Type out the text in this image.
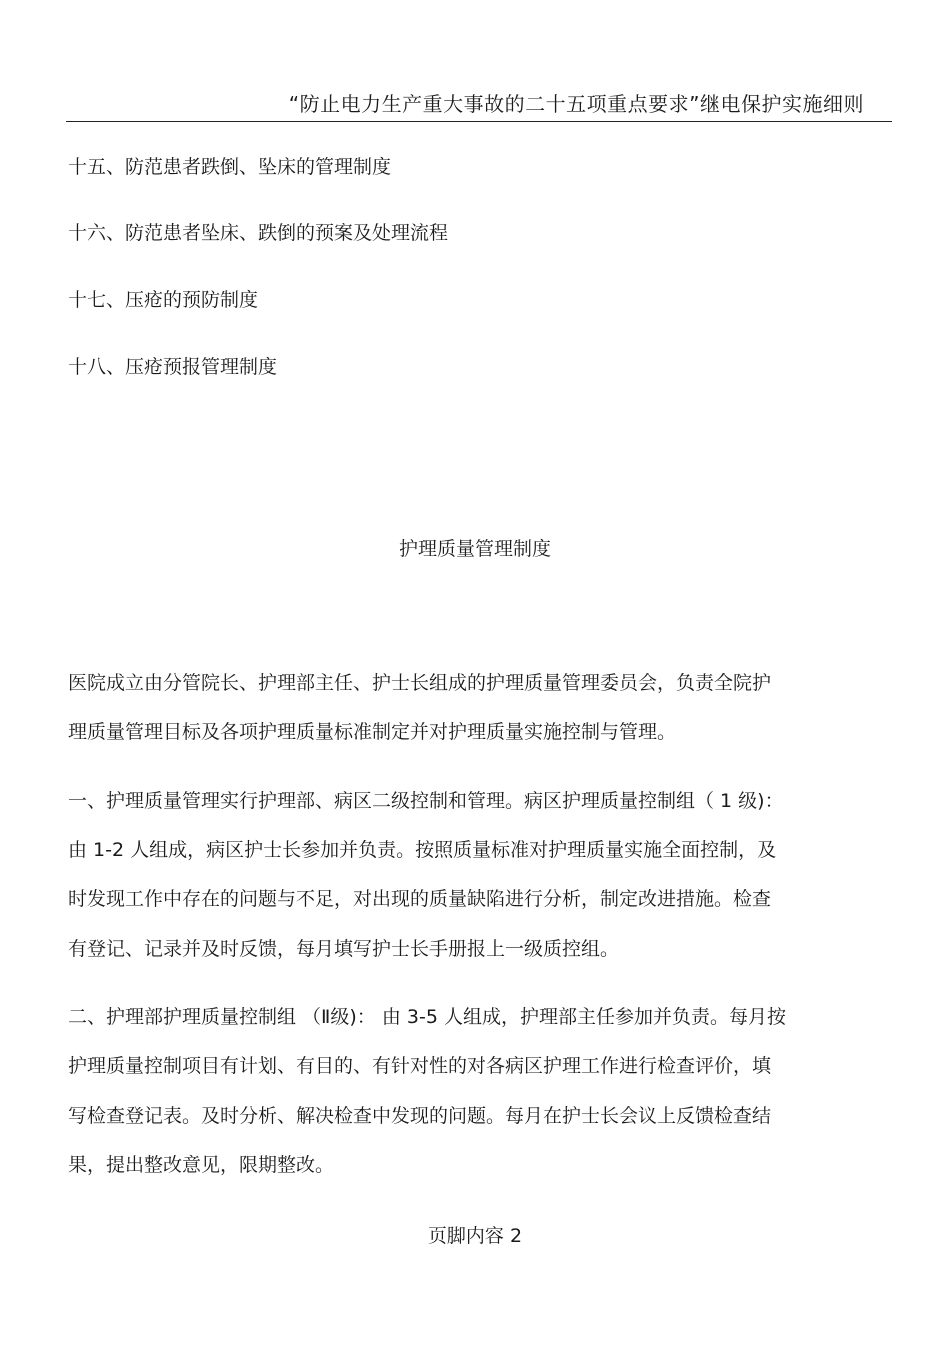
“防止电力生产重大事故的二十五项重点要求”继电保护实施细则
十五、防范患者跌倒、坠床的管理制度
十六、防范患者坠床、跌倒的预案及处理流程
十七、压疮的预防制度
十八、压疮预报管理制度
护理质量管理制度
医院成立由分管院长、护理部主任、护士长组成的护理质量管理委员会，负责全院护
理质量管理目标及各项护理质量标准制定并对护理质量实施控制与管理。
一、护理质量管理实行护理部、病区二级控制和管理。病区护理质量控制组（ 1 级)：
由 1-2 人组成，病区护士长参加并负责。按照质量标准对护理质量实施全面控制，及
时发现工作中存在的问题与不足，对出现的质量缺陷进行分析，制定改进措施。检查
有登记、记录并及时反馈，每月填写护士长手册报上一级质控组。
二、护理部护理质量控制组 （Ⅱ级)： 由 3-5 人组成，护理部主任参加并负责。每月按
护理质量控制项目有计划、有目的、有针对性的对各病区护理工作进行检查评价，填
写检查登记表。及时分析、解决检查中发现的问题。每月在护士长会议上反馈检查结
果，提出整改意见，限期整改。
页脚内容 2
